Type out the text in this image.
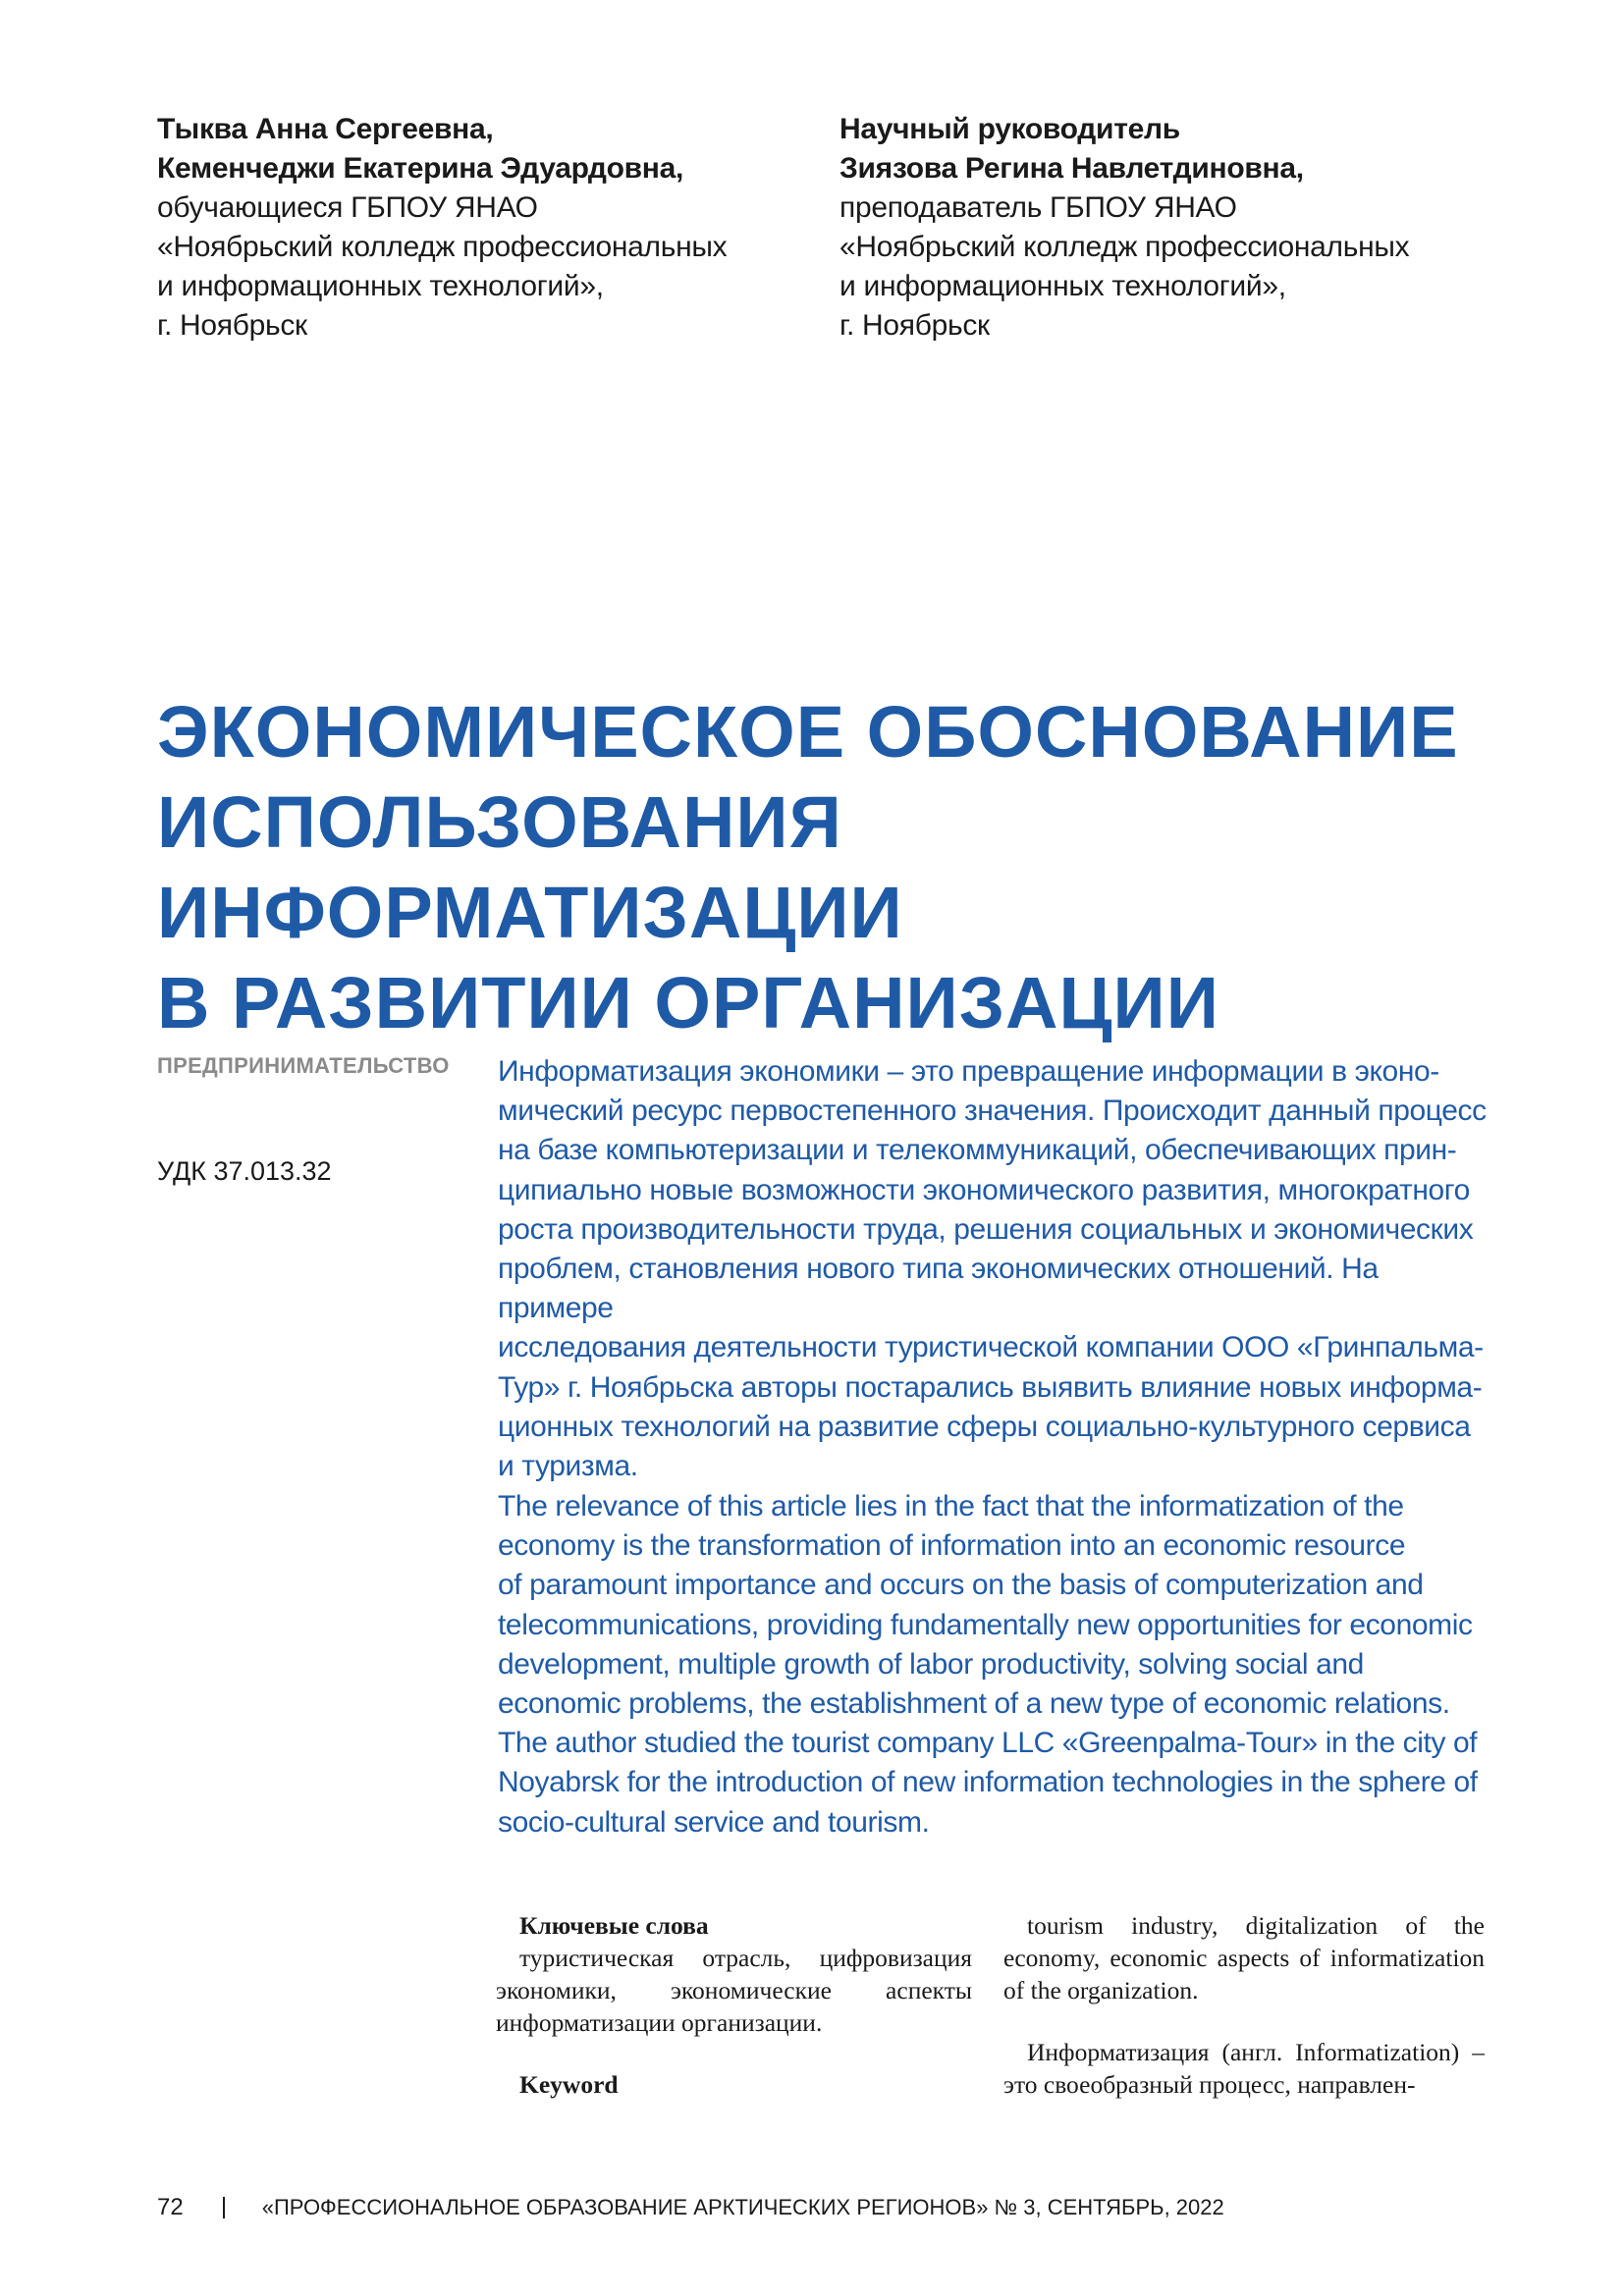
Тыква Анна Сергеевна,
Кеменчеджи Екатерина Эдуардовна,
обучающиеся ГБПОУ ЯНАО
«Ноябрьский колледж профессиональных
и информационных технологий»,
г. Ноябрьск
Научный руководитель
Зиязова Регина Навлетдиновна,
преподаватель ГБПОУ ЯНАО
«Ноябрьский колледж профессиональных
и информационных технологий»,
г. Ноябрьск
ЭКОНОМИЧЕСКОЕ ОБОСНОВАНИЕ
ИСПОЛЬЗОВАНИЯ ИНФОРМАТИЗАЦИИ
В РАЗВИТИИ ОРГАНИЗАЦИИ
ПРЕДПРИНИМАТЕЛЬСТВО
УДК 37.013.32
Информатизация экономики – это превращение информации в эконо-
мический ресурс первостепенного значения. Происходит данный процесс
на базе компьютеризации и телекоммуникаций, обеспечивающих прин-
ципиально новые возможности экономического развития, многократного
роста производительности труда, решения социальных и экономических
проблем, становления нового типа экономических отношений. На примере
исследования деятельности туристической компании ООО «Гринпальма-
Тур» г. Ноябрьска авторы постарались выявить влияние новых информа-
ционных технологий на развитие сферы социально-культурного сервиса
и туризма.
The relevance of this article lies in the fact that the informatization of the
economy is the transformation of information into an economic resource
of paramount importance and occurs on the basis of computerization and
telecommunications, providing fundamentally new opportunities for economic
development, multiple growth of labor productivity, solving social and
economic problems, the establishment of a new type of economic relations.
The author studied the tourist company LLC «Greenpalma-Tour» in the city of
Noyabrsk for the introduction of new information technologies in the sphere of
socio-cultural service and tourism.
Ключевые слова

туристическая отрасль, цифровизация экономики, экономические аспекты информатизации организации.

Keyword

tourism industry, digitalization of the economy, economic aspects of informatization of the organization.

Информатизация (англ. Informatization) – это своеобразный процесс, направлен-

72	«ПРОФЕССИОНАЛЬНОЕ ОБРАЗОВАНИЕ АРКТИЧЕСКИХ РЕГИОНОВ» № 3, СЕНТЯБРЬ, 2022
